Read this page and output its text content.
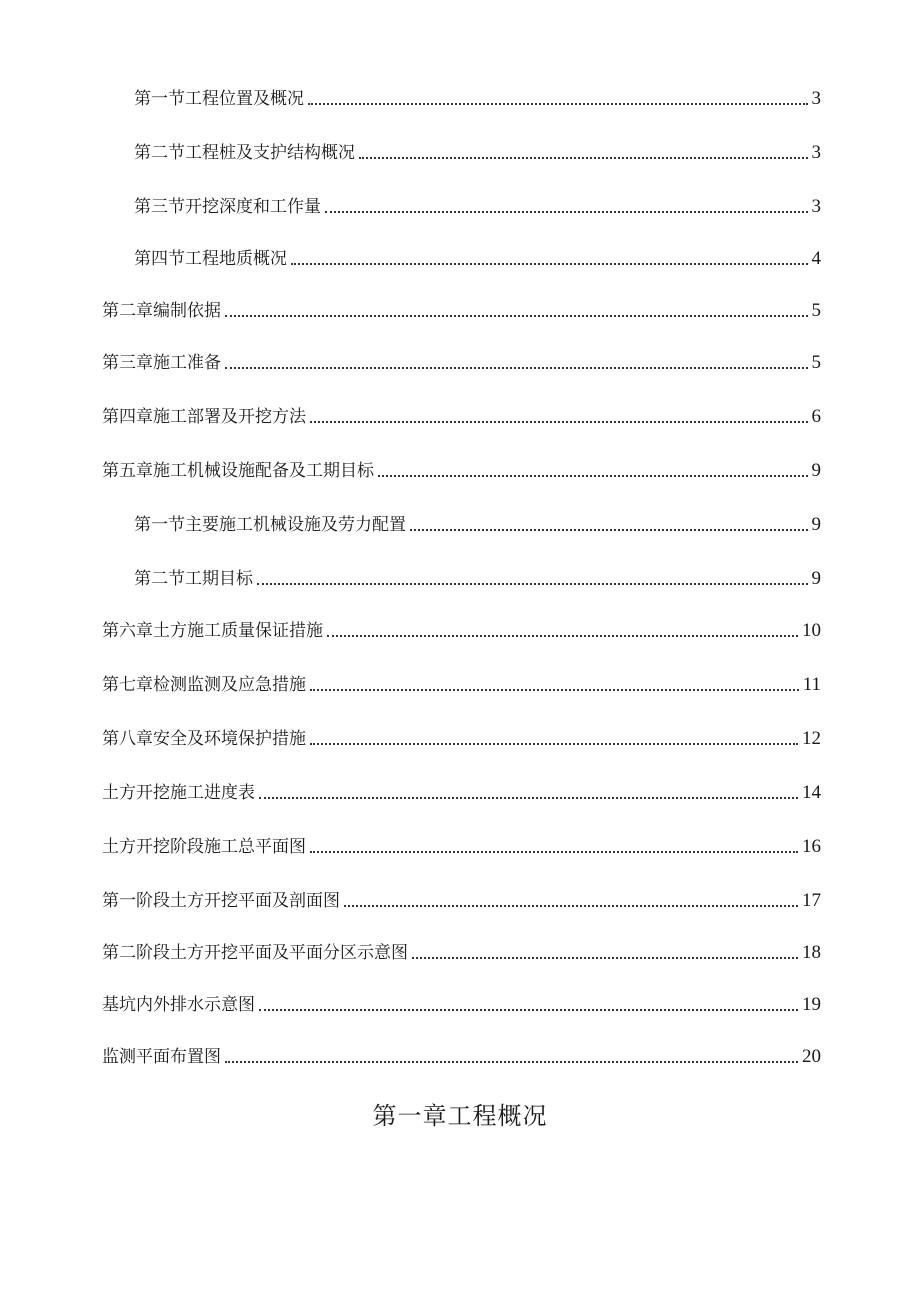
第一节工程位置及概况	3
第二节工程桩及支护结构概况	3
第三节开挖深度和工作量	3
第四节工程地质概况	4
第二章编制依据	5
第三章施工准备	5
第四章施工部署及开挖方法	6
第五章施工机械设施配备及工期目标	9
第一节主要施工机械设施及劳力配置	9
第二节工期目标	9
第六章土方施工质量保证措施	10
第七章检测监测及应急措施	11
第八章安全及环境保护措施	12
土方开挖施工进度表	14
土方开挖阶段施工总平面图	16
第一阶段土方开挖平面及剖面图	17
第二阶段土方开挖平面及平面分区示意图	18
基坑内外排水示意图	19
监测平面布置图	20
第一章工程概况
